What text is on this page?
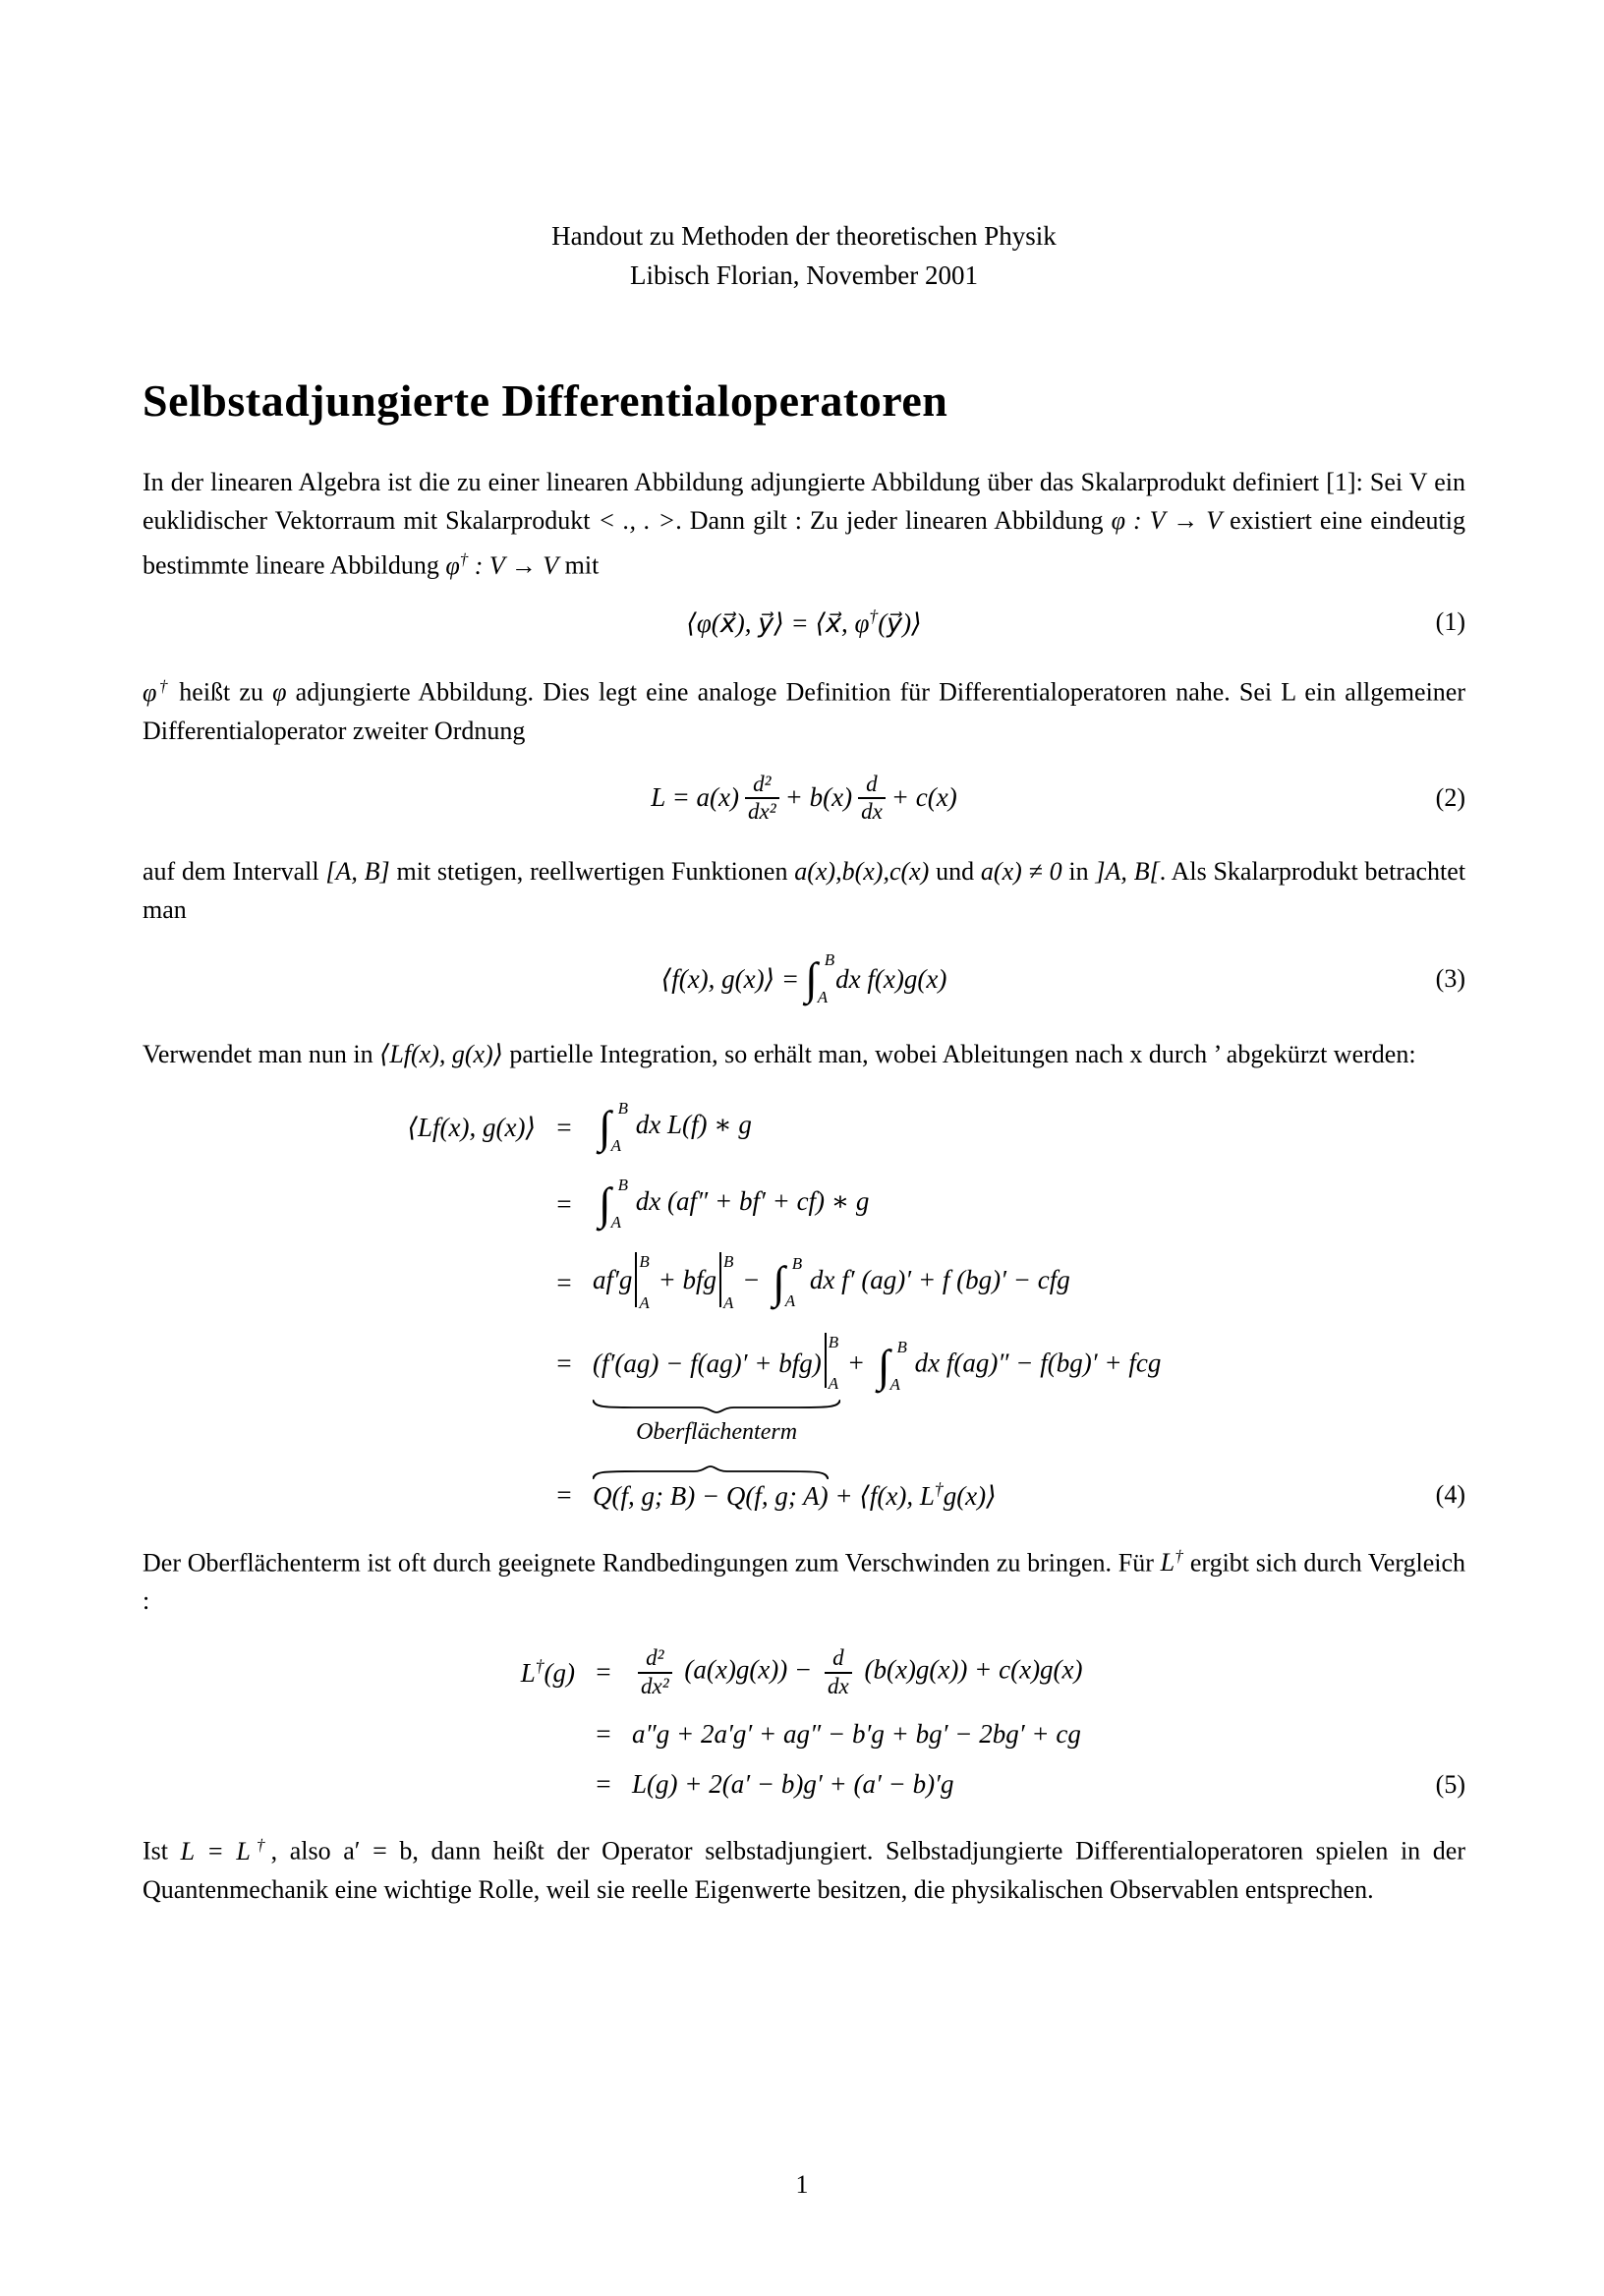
Handout zu Methoden der theoretischen Physik
Libisch Florian, November 2001
Selbstadjungierte Differentialoperatoren

In der linearen Algebra ist die zu einer linearen Abbildung adjungierte Abbildung über das Skalarprodukt definiert [1]: Sei V ein euklidischer Vektorraum mit Skalarprodukt < ., . >. Dann gilt : Zu jeder linearen Abbildung φ : V → V existiert eine eindeutig bestimmte lineare Abbildung φ† : V → V mit

⟨φ(x⃗), y⃗⟩ = ⟨x⃗, φ†(y⃗)⟩	(1)

φ† heißt zu φ adjungierte Abbildung. Dies legt eine analoge Definition für Differentialoperatoren nahe. Sei L ein allgemeiner Differentialoperator zweiter Ordnung

$L = a(x) \frac{\text{d²}}{\text{dx²}} + b(x) \frac{d}{dx} + c(x)$	(2)

auf dem Intervall [A, B] mit stetigen, reellwertigen Funktionen a(x),b(x),c(x) und a(x) ≠ 0 in ]A, B[. Als Skalarprodukt betrachtet man

⟨f(x), g(x)⟩ = ∫ B
A
dx f(x)g(x)	(3)

Verwendet man nun in ⟨Lf(x), g(x)⟩ partielle Integration, so erhält man, wobei Ableitungen nach x durch ’ abgekürzt werden:

⟨Lf(x), g(x)⟩ = ∫ B
A
dx L(f) ∗ g
= ∫ B
A
dx (af″ + bf′ + cf) ∗ g
= af′g
B
A
+ bfg
B
A
− ∫ B
A
dx f′ (ag)′ + f (bg)′ − cfg
= (f′(ag) − f(ag)′ + bfg)
B
A
Oberflächenterm
+ ∫ B
A
dx f(ag)″ − f(bg)′ + fcg
= Q(f, g; B) − Q(f, g; A) + ⟨f(x), L†g(x)⟩	(4)

Der Oberflächenterm ist oft durch geeignete Randbedingungen zum Verschwinden zu bringen. Für L† ergibt sich durch Vergleich :

L†(g) =	$\frac{\text{d²}}{\text{dx²}} (a(x)g(x)) - \frac{d}{dx} (b(x)g(x)) + c(x)g(x)$
= a″g + 2a′g′ + ag″ − b′g + bg′ − 2bg′ + cg
= L(g) + 2(a′ − b)g′ + (a′ − b)′g	(5)

Ist L = L†, also a′ = b, dann heißt der Operator selbstadjungiert. Selbstadjungierte Differentialoperatoren spielen in der Quantenmechanik eine wichtige Rolle, weil sie reelle Eigenwerte besitzen, die physikalischen Observablen entsprechen.

1
